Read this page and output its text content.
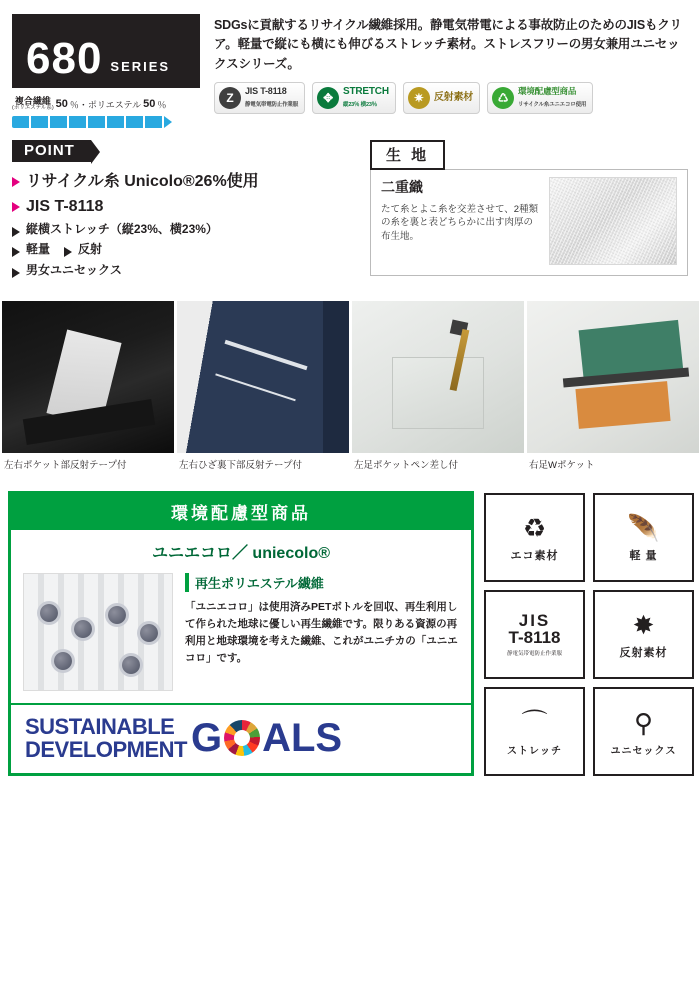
680 SERIES
複合繊維
(ポリエステル系) 50 ％・ポリエステル 50 ％
SDGsに貢献するリサイクル繊維採用。静電気帯電による事故防止のためのJISもクリア。軽量で縦にも横にも伸びるストレッチ素材。ストレスフリーの男女兼用ユニセックスシリーズ。
Z
JIS T-8118
静電気帯電防止作業服
✥	STRETCH
縦23％ 横23％
✷	反射素材	♺
環境配慮型商品
リサイクル糸ユニエコロ使用
POINT
リサイクル糸 Unicolo®26%使用
JIS T-8118
縦横ストレッチ（縦23%、横23%）
軽量 反射
男女ユニセックス
生 地
二重織
たて糸とよこ糸を交差させて、2種類の糸を裏と表どちらかに出す肉厚の布生地。
左右ポケット部反射テープ付	左右ひざ裏下部反射テープ付	左足ポケットペン差し付	右足Wポケット
環境配慮型商品
ユニエコロ／ uniecolo®
再生ポリエステル繊維
「ユニエコロ」は使用済みPETボトルを回収、再生利用して作られた地球に優しい再生繊維です。限りある資源の再利用と地球環境を考えた繊維、これがユニチカの「ユニエコロ」です。
SUSTAINABLE
DEVELOPMENT G ALS
♻
エコ素材
🪶
軽 量
JIS
T-8118
静電気帯電防止作業服
✸
反射素材
⌒
ストレッチ
⚲
ユニセックス
